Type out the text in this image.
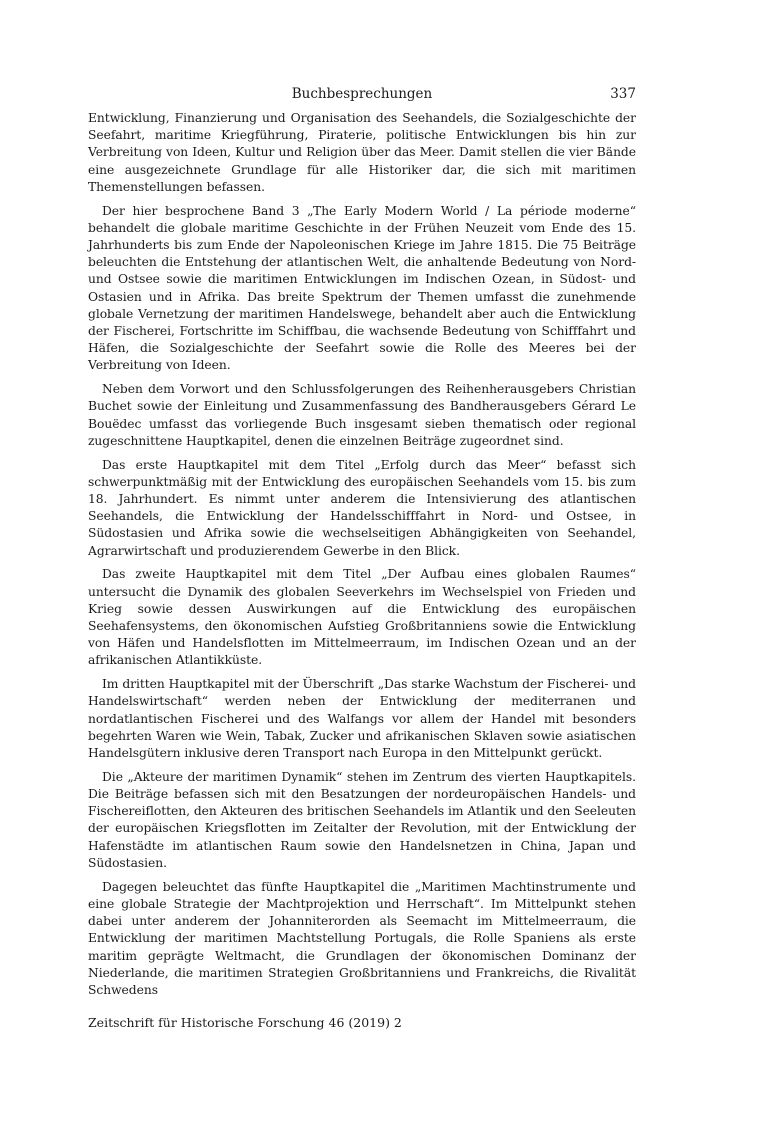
Buchbesprechungen	337

Entwicklung, Finanzierung und Organisation des Seehandels, die Sozialgeschichte der Seefahrt, maritime Kriegführung, Piraterie, politische Entwicklungen bis hin zur Verbreitung von Ideen, Kultur und Religion über das Meer. Damit stellen die vier Bände eine ausgezeichnete Grundlage für alle Historiker dar, die sich mit maritimen Themenstellungen befassen.

Der hier besprochene Band 3 „The Early Modern World / La période moderne“ behandelt die globale maritime Geschichte in der Frühen Neuzeit vom Ende des 15. Jahrhunderts bis zum Ende der Napoleonischen Kriege im Jahre 1815. Die 75 Beiträge beleuchten die Entstehung der atlantischen Welt, die anhaltende Bedeutung von Nord- und Ostsee sowie die maritimen Entwicklungen im Indischen Ozean, in Südost- und Ostasien und in Afrika. Das breite Spektrum der Themen umfasst die zunehmende globale Vernetzung der maritimen Handelswege, behandelt aber auch die Entwicklung der Fischerei, Fortschritte im Schiffbau, die wachsende Bedeutung von Schifffahrt und Häfen, die Sozialgeschichte der Seefahrt sowie die Rolle des Meeres bei der Verbreitung von Ideen.

Neben dem Vorwort und den Schlussfolgerungen des Reihenherausgebers Christian Buchet sowie der Einleitung und Zusammenfassung des Bandherausgebers Gérard Le Bouëdec umfasst das vorliegende Buch insgesamt sieben thematisch oder regional zugeschnittene Hauptkapitel, denen die einzelnen Beiträge zugeordnet sind.

Das erste Hauptkapitel mit dem Titel „Erfolg durch das Meer“ befasst sich schwerpunktmäßig mit der Entwicklung des europäischen Seehandels vom 15. bis zum 18. Jahrhundert. Es nimmt unter anderem die Intensivierung des atlantischen Seehandels, die Entwicklung der Handelsschifffahrt in Nord- und Ostsee, in Südostasien und Afrika sowie die wechselseitigen Abhängigkeiten von Seehandel, Agrarwirtschaft und produzierendem Gewerbe in den Blick.

Das zweite Hauptkapitel mit dem Titel „Der Aufbau eines globalen Raumes“ untersucht die Dynamik des globalen Seeverkehrs im Wechselspiel von Frieden und Krieg sowie dessen Auswirkungen auf die Entwicklung des europäischen Seehafensystems, den ökonomischen Aufstieg Großbritanniens sowie die Entwicklung von Häfen und Handelsflotten im Mittelmeerraum, im Indischen Ozean und an der afrikanischen Atlantikküste.

Im dritten Hauptkapitel mit der Überschrift „Das starke Wachstum der Fischerei- und Handelswirtschaft“ werden neben der Entwicklung der mediterranen und nordatlantischen Fischerei und des Walfangs vor allem der Handel mit besonders begehrten Waren wie Wein, Tabak, Zucker und afrikanischen Sklaven sowie asiatischen Handelsgütern inklusive deren Transport nach Europa in den Mittelpunkt gerückt.

Die „Akteure der maritimen Dynamik“ stehen im Zentrum des vierten Hauptkapitels. Die Beiträge befassen sich mit den Besatzungen der nordeuropäischen Handels- und Fischereiflotten, den Akteuren des britischen Seehandels im Atlantik und den Seeleuten der europäischen Kriegsflotten im Zeitalter der Revolution, mit der Entwicklung der Hafenstädte im atlantischen Raum sowie den Handelsnetzen in China, Japan und Südostasien.

Dagegen beleuchtet das fünfte Hauptkapitel die „Maritimen Machtinstrumente und eine globale Strategie der Machtprojektion und Herrschaft“. Im Mittelpunkt stehen dabei unter anderem der Johanniterorden als Seemacht im Mittelmeerraum, die Entwicklung der maritimen Machtstellung Portugals, die Rolle Spaniens als erste maritim geprägte Weltmacht, die Grundlagen der ökonomischen Dominanz der Niederlande, die maritimen Strategien Großbritanniens und Frankreichs, die Rivalität Schwedens

Zeitschrift für Historische Forschung 46 (2019) 2
